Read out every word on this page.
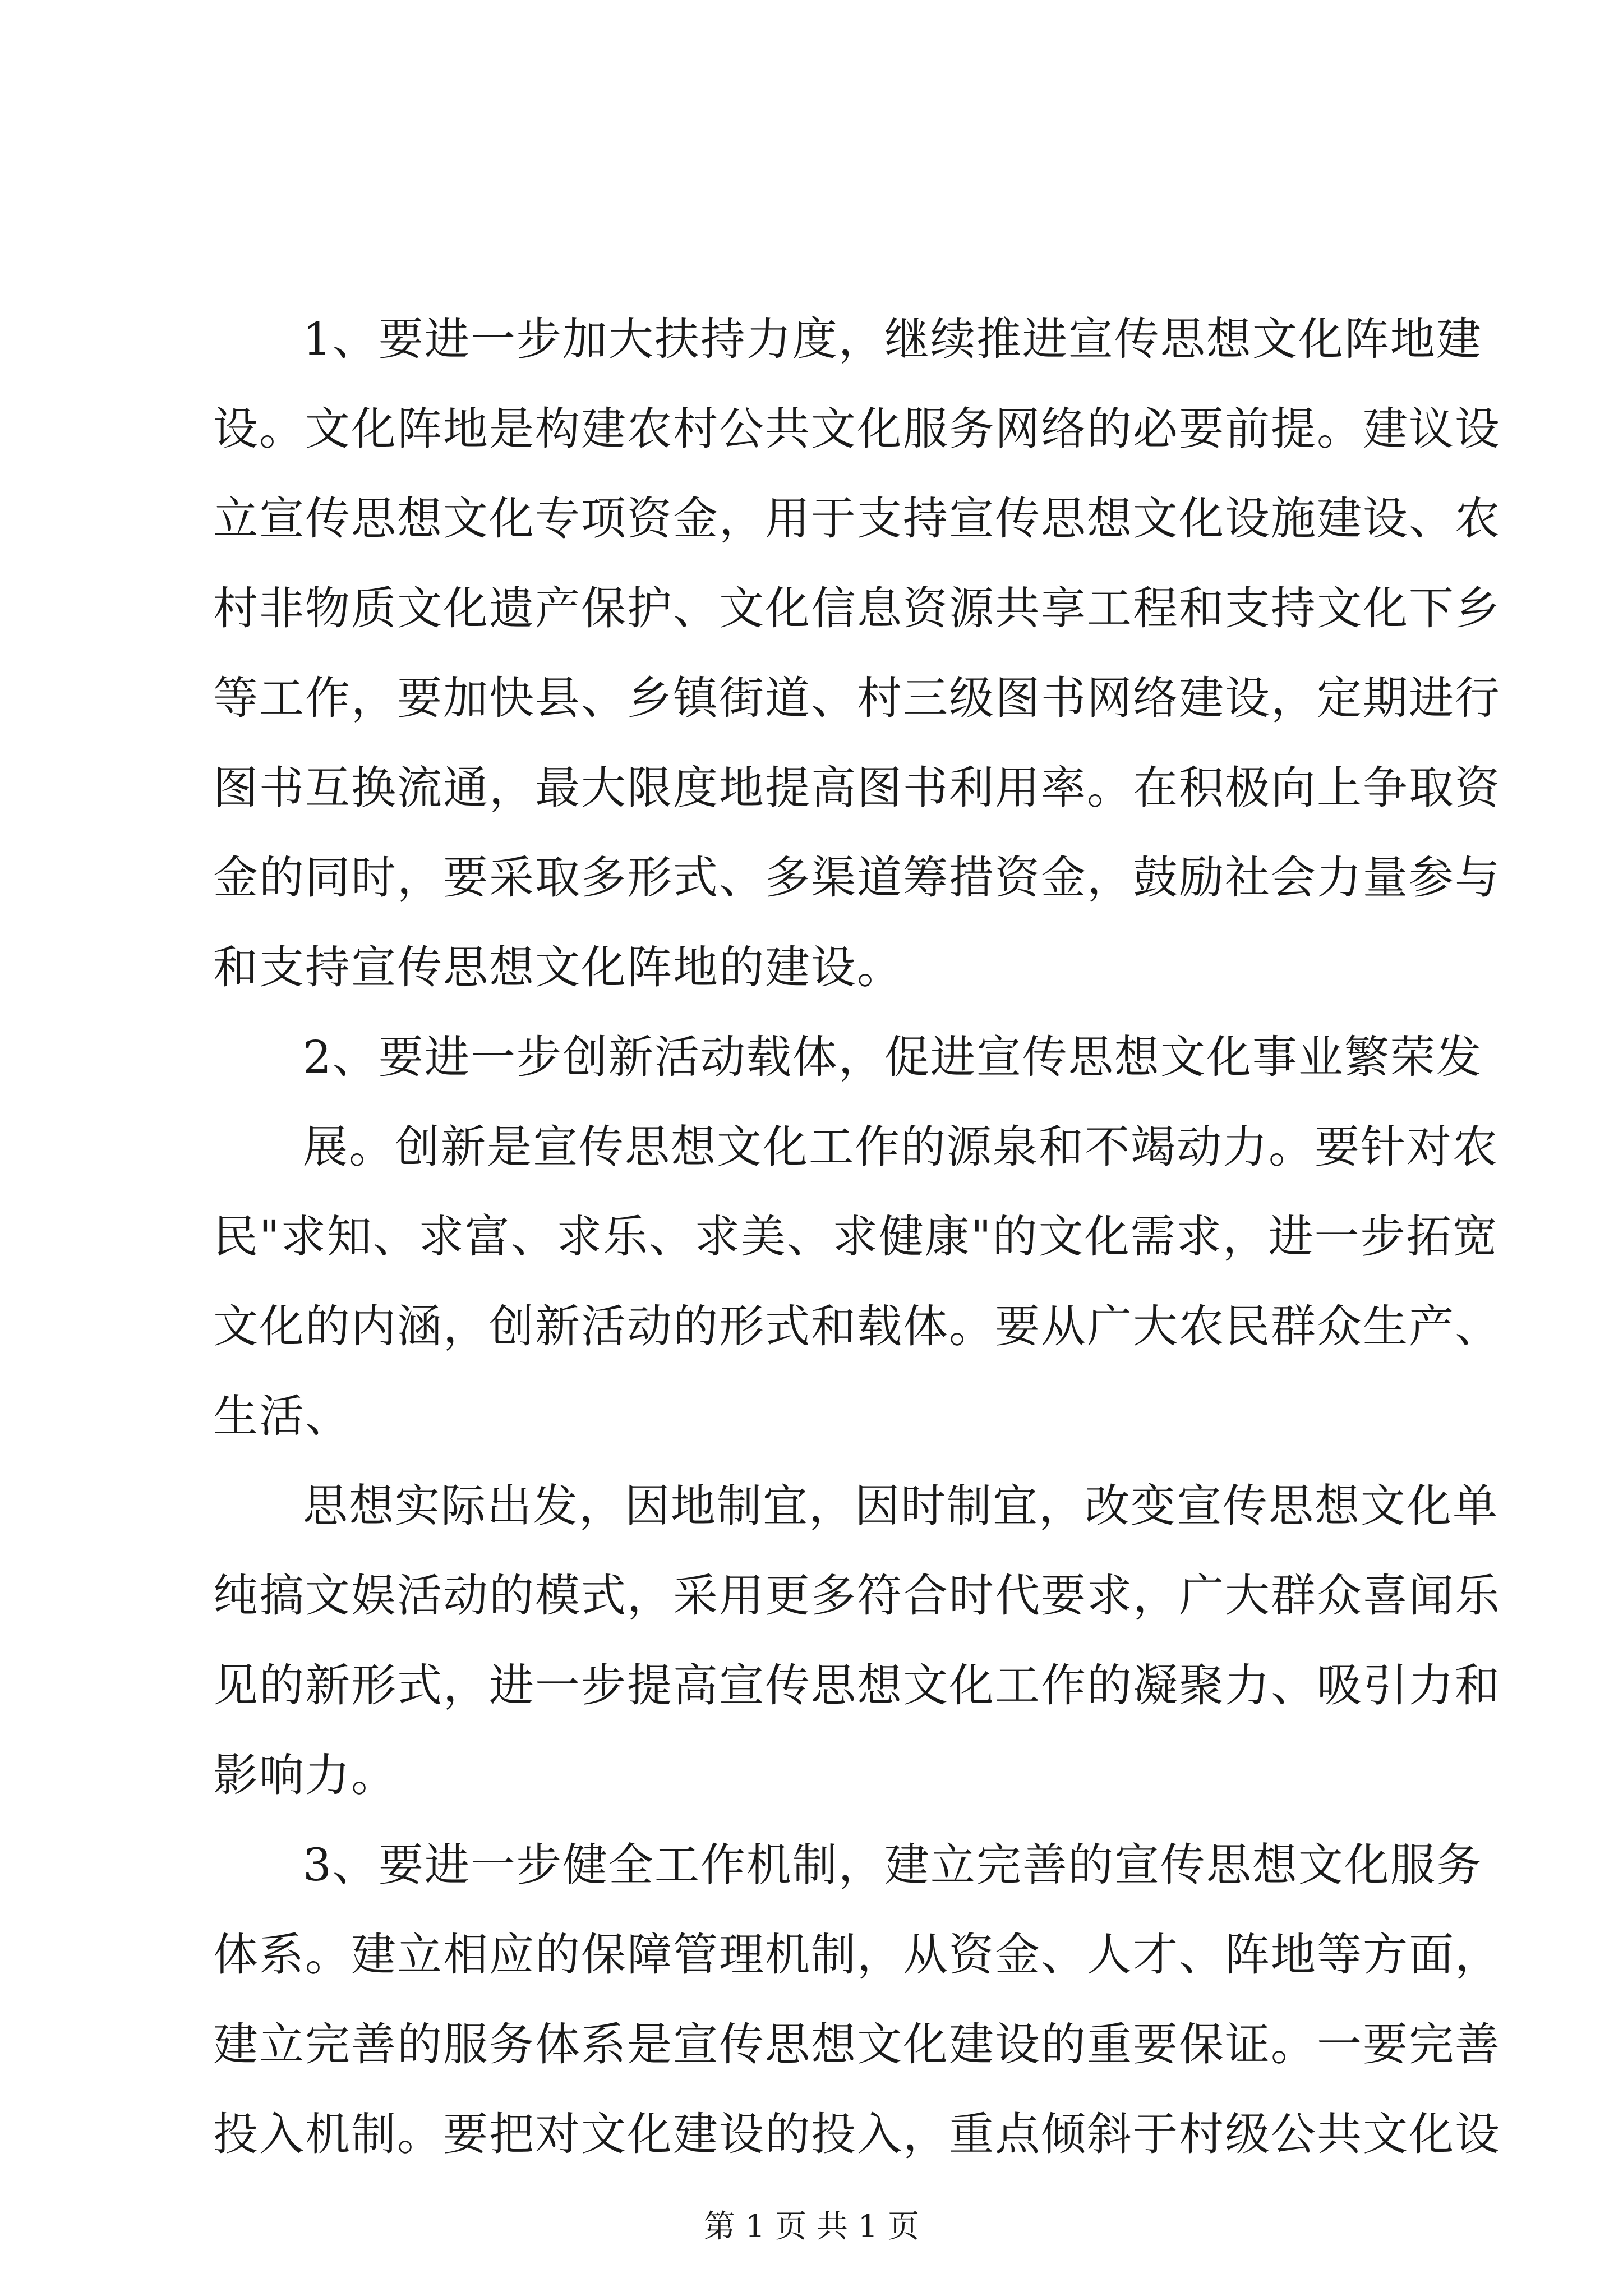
1、要进一步加大扶持力度，继续推进宣传思想文化阵地建
设。文化阵地是构建农村公共文化服务网络的必要前提。建议设
立宣传思想文化专项资金，用于支持宣传思想文化设施建设、农
村非物质文化遗产保护、文化信息资源共享工程和支持文化下乡
等工作，要加快县、乡镇街道、村三级图书网络建设，定期进行
图书互换流通，最大限度地提高图书利用率。在积极向上争取资
金的同时，要采取多形式、多渠道筹措资金，鼓励社会力量参与
和支持宣传思想文化阵地的建设。
2、要进一步创新活动载体，促进宣传思想文化事业繁荣发
展。创新是宣传思想文化工作的源泉和不竭动力。要针对农
民"求知、求富、求乐、求美、求健康"的文化需求，进一步拓宽
文化的内涵，创新活动的形式和载体。要从广大农民群众生产、
生活、
思想实际出发，因地制宜，因时制宜，改变宣传思想文化单
纯搞文娱活动的模式，采用更多符合时代要求，广大群众喜闻乐
见的新形式，进一步提高宣传思想文化工作的凝聚力、吸引力和
影响力。
3、要进一步健全工作机制，建立完善的宣传思想文化服务
体系。建立相应的保障管理机制，从资金、人才、阵地等方面，
建立完善的服务体系是宣传思想文化建设的重要保证。一要完善
投入机制。要把对文化建设的投入，重点倾斜于村级公共文化设
第 1 页 共 1 页
